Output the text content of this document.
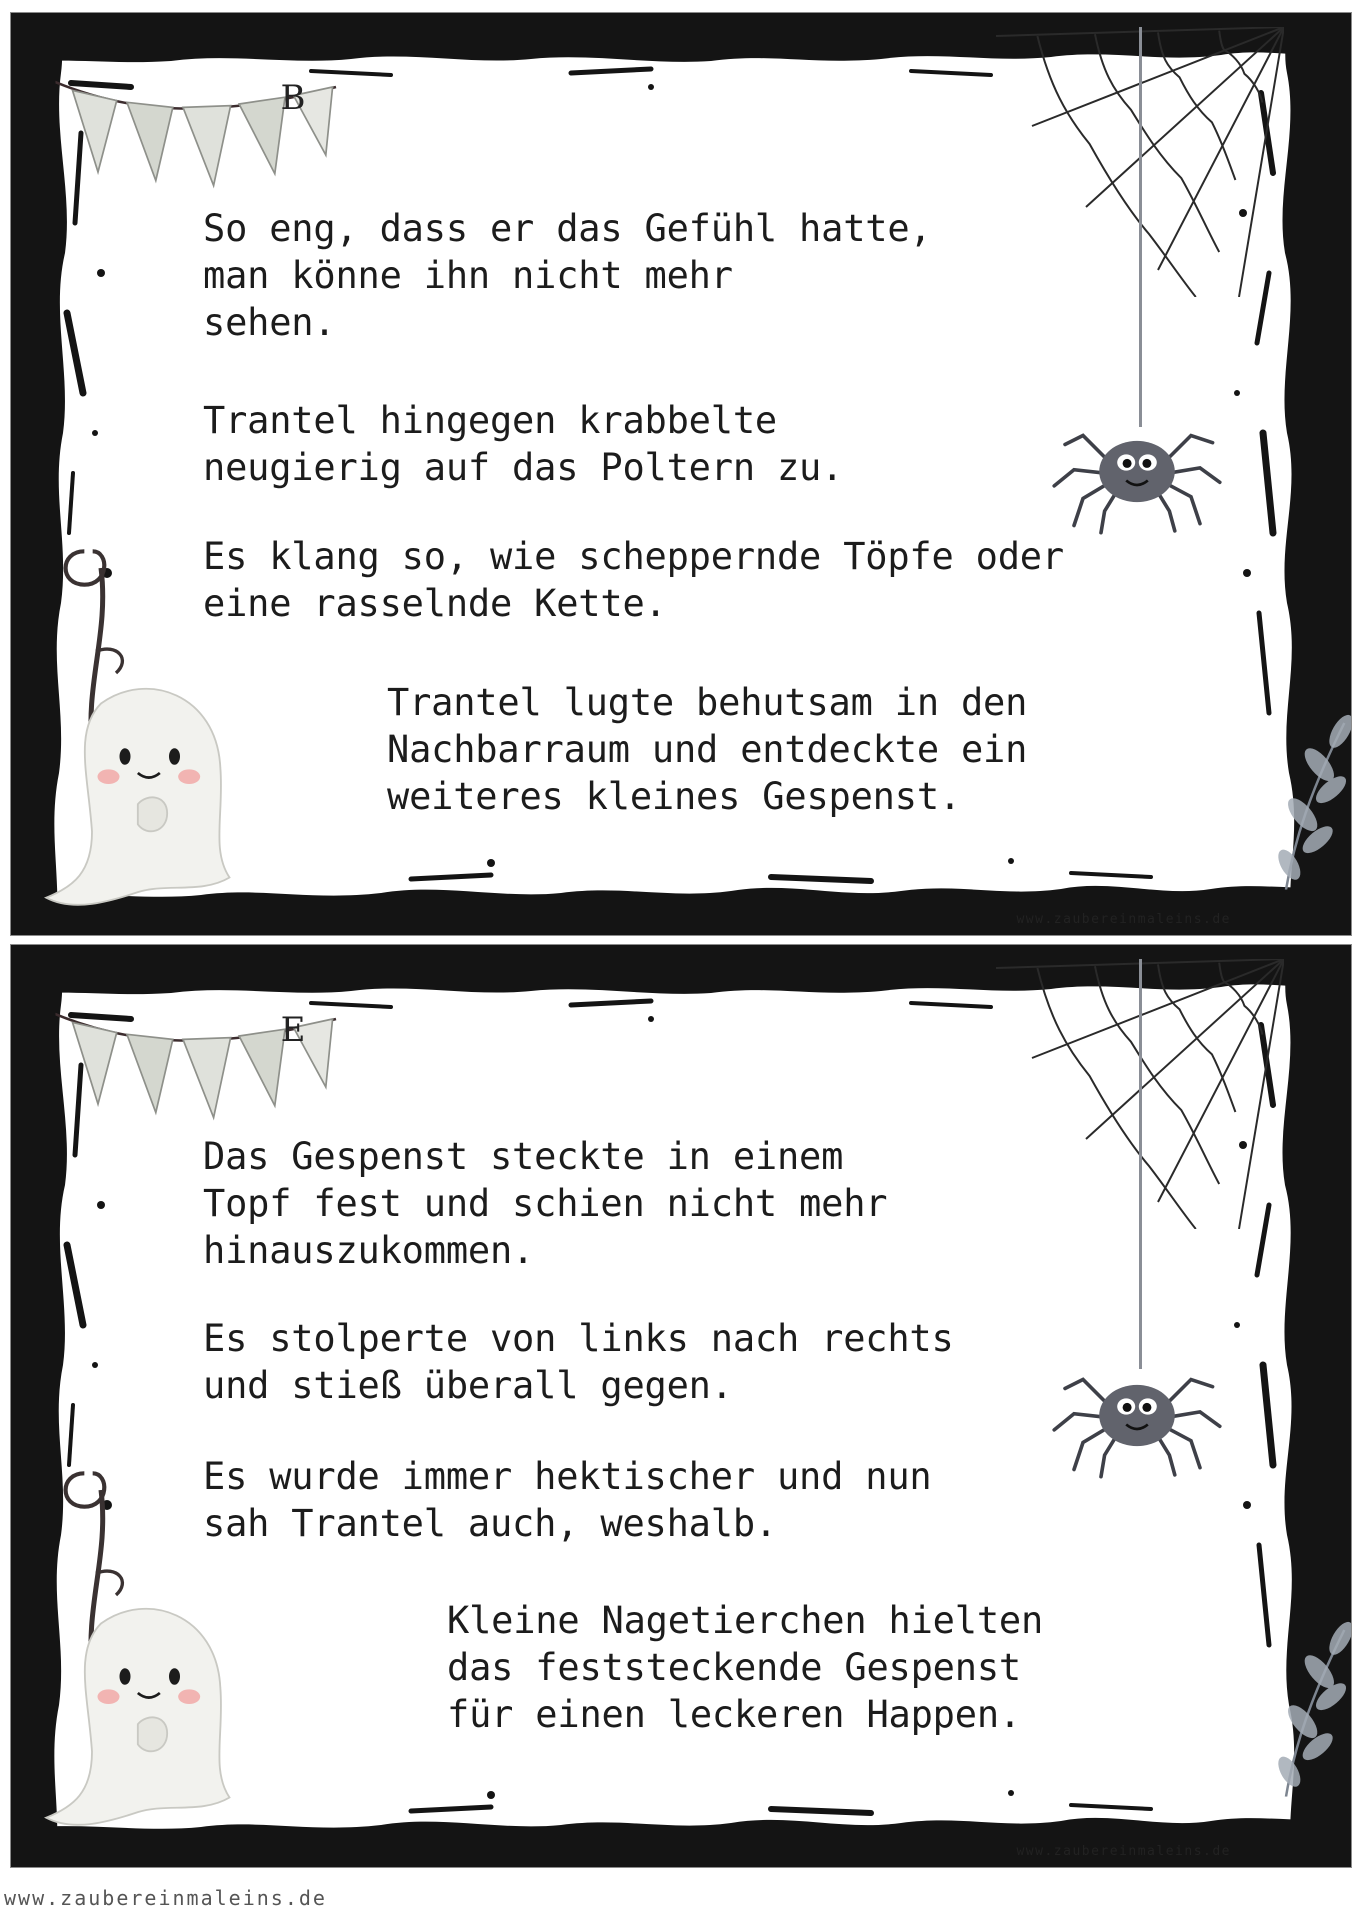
B

So eng, dass er das Gefühl hatte,
man könne ihn nicht mehr
sehen.

Trantel hingegen krabbelte
neugierig auf das Poltern zu.

Es klang so, wie scheppernde Töpfe oder
eine rasselnde Kette.

Trantel lugte behutsam in den
Nachbarraum und entdeckte ein
weiteres kleines Gespenst.

www.zaubereinmaleins.de
E

Das Gespenst steckte in einem
Topf fest und schien nicht mehr
hinauszukommen.

Es stolperte von links nach rechts
und stieß überall gegen.

Es wurde immer hektischer und nun
sah Trantel auch, weshalb.

Kleine Nagetierchen hielten
das feststeckende Gespenst
für einen leckeren Happen.

www.zaubereinmaleins.de
www.zaubereinmaleins.de
